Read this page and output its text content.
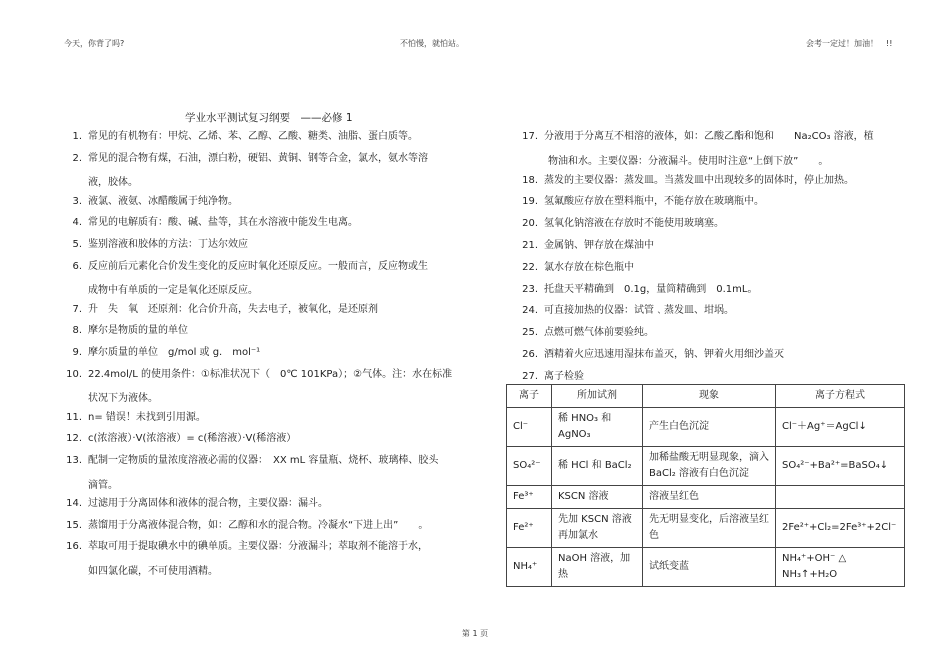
今天，你背了吗?	不怕慢，就怕站。	会考一定过！加油！　!!
学业水平测试复习纲要　——必修 1
1. 常见的有机物有：甲烷、乙烯、苯、乙醇、乙酸、糖类、油脂、蛋白质等。
2. 常见的混合物有煤，石油，漂白粉，硬铝、黄铜、钢等合金，氯水，氨水等溶
液，胶体。
3. 液氯、液氨、冰醋酸属于纯净物。
4. 常见的电解质有：酸、碱、盐等，其在水溶液中能发生电离。
5. 鉴别溶液和胶体的方法：丁达尔效应
6. 反应前后元素化合价发生变化的反应时氧化还原反应。一般而言，反应物或生
成物中有单质的一定是氧化还原反应。
7. 升　失　氧　还原剂：化合价升高，失去电子，被氧化，是还原剂
8. 摩尔是物质的量的单位
9. 摩尔质量的单位　g/mol 或 g.　mol⁻¹
10. 22.4mol/L 的使用条件：①标准状况下（　0℃ 101KPa）；②气体。注：水在标准
状况下为液体。
11. n= 错误！未找到引用源。
12. c(浓溶液）·V(浓溶液）= c(稀溶液）·V(稀溶液）
13. 配制一定物质的量浓度溶液必需的仪器：　XX mL 容量瓶、烧杯、玻璃棒、胶头
滴管。
14. 过滤用于分离固体和液体的混合物，主要仪器：漏斗。
15. 蒸馏用于分离液体混合物，如：乙醇和水的混合物。冷凝水“下进上出”　　。
16. 萃取可用于提取碘水中的碘单质。主要仪器：分液漏斗；萃取剂不能溶于水，
如四氯化碳，不可使用酒精。
17. 分液用于分离互不相溶的液体，如：乙酸乙酯和饱和　　Na₂CO₃ 溶液，植
物油和水。主要仪器：分液漏斗。使用时注意“上倒下放”　　。
18. 蒸发的主要仪器：蒸发皿。当蒸发皿中出现较多的固体时，停止加热。
19. 氢氟酸应存放在塑料瓶中，不能存放在玻璃瓶中。
20. 氢氧化钠溶液在存放时不能使用玻璃塞。
21. 金属钠、钾存放在煤油中
22. 氯水存放在棕色瓶中
23. 托盘天平精确到　0.1g，量筒精确到　0.1mL。
24. 可直接加热的仪器：试管﹑蒸发皿、坩埚。
25. 点燃可燃气体前要验纯。
26. 酒精着火应迅速用湿抹布盖灭，钠、钾着火用细沙盖灭
27. 离子检验
离子	所加试剂	现象	离子方程式
Cl⁻	稀 HNO₃ 和 AgNO₃	产生白色沉淀	Cl⁻＋Ag⁺＝AgCl↓
SO₄²⁻	稀 HCl 和 BaCl₂	加稀盐酸无明显现象，滴入 BaCl₂ 溶液有白色沉淀	SO₄²⁻+Ba²⁺=BaSO₄↓
Fe³⁺	KSCN 溶液	溶液呈红色	
Fe²⁺	先加 KSCN 溶液再加氯水	先无明显变化，后溶液呈红色	2Fe²⁺+Cl₂=2Fe³⁺+2Cl⁻
NH₄⁺	NaOH 溶液，加热	试纸变蓝	NH₄⁺+OH⁻ △ NH₃↑+H₂O
第 1 页
